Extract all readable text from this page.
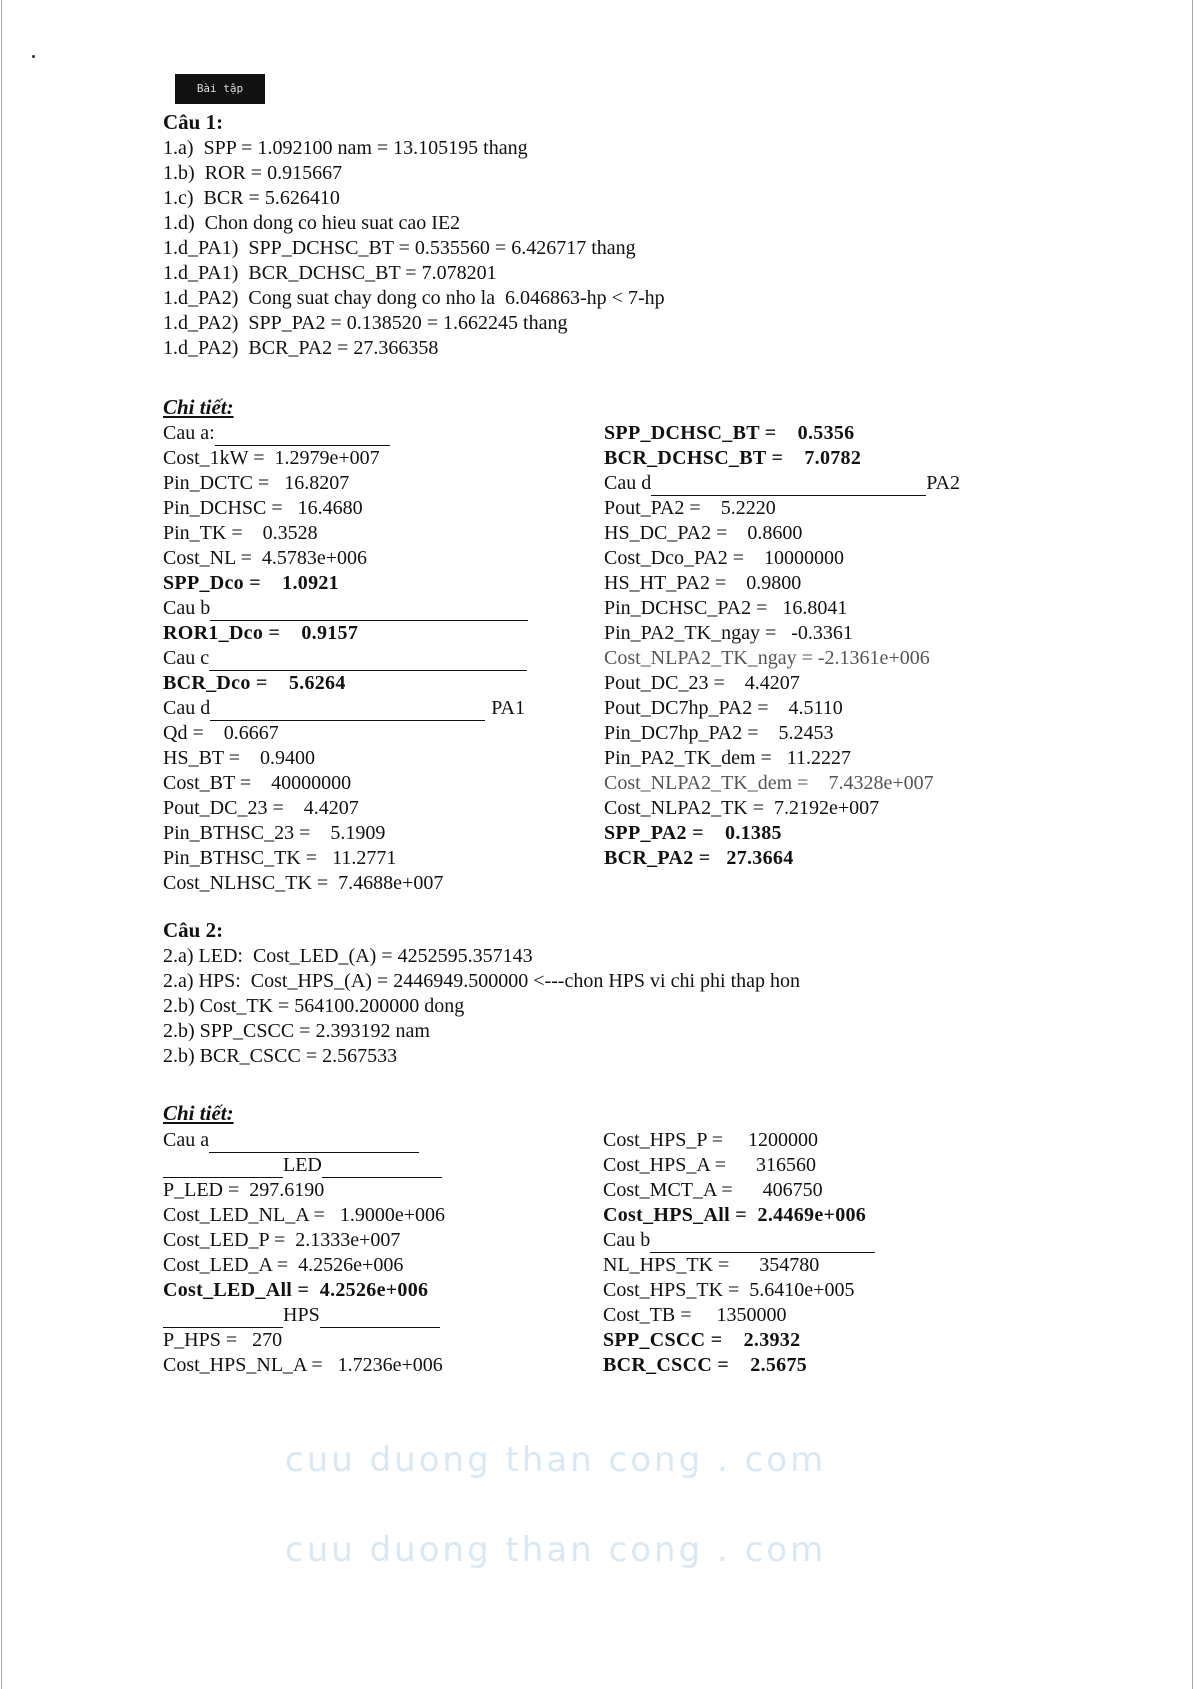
cuu duong than cong . com
cuu duong than cong . com
Bài tập
Câu 1:
1.a)  SPP = 1.092100 nam = 13.105195 thang
1.b)  ROR = 0.915667
1.c)  BCR = 5.626410
1.d)  Chon dong co hieu suat cao IE2
1.d_PA1)  SPP_DCHSC_BT = 0.535560 = 6.426717 thang
1.d_PA1)  BCR_DCHSC_BT = 7.078201
1.d_PA2)  Cong suat chay dong co nho la  6.046863-hp < 7-hp
1.d_PA2)  SPP_PA2 = 0.138520 = 1.662245 thang
1.d_PA2)  BCR_PA2 = 27.366358
Chi tiết:
Cau a:
Cost_1kW =  1.2979e+007
Pin_DCTC =   16.8207
Pin_DCHSC =   16.4680
Pin_TK =    0.3528
Cost_NL =  4.5783e+006
SPP_Dco =    1.0921
Cau b
ROR1_Dco =    0.9157
Cau c
BCR_Dco =    5.6264
Cau d	PA1
Qd =    0.6667
HS_BT =    0.9400
Cost_BT =    40000000
Pout_DC_23 =    4.4207
Pin_BTHSC_23 =    5.1909
Pin_BTHSC_TK =   11.2771
Cost_NLHSC_TK =  7.4688e+007
SPP_DCHSC_BT =    0.5356
BCR_DCHSC_BT =    7.0782
Cau d	PA2
Pout_PA2 =    5.2220
HS_DC_PA2 =    0.8600
Cost_Dco_PA2 =    10000000
HS_HT_PA2 =    0.9800
Pin_DCHSC_PA2 =   16.8041
Pin_PA2_TK_ngay =   -0.3361
Cost_NLPA2_TK_ngay = -2.1361e+006
Pout_DC_23 =    4.4207
Pout_DC7hp_PA2 =    4.5110
Pin_DC7hp_PA2 =    5.2453
Pin_PA2_TK_dem =   11.2227
Cost_NLPA2_TK_dem =    7.4328e+007
Cost_NLPA2_TK =  7.2192e+007
SPP_PA2 =    0.1385
BCR_PA2 =   27.3664
Câu 2:
2.a) LED:  Cost_LED_(A) = 4252595.357143
2.a) HPS:  Cost_HPS_(A) = 2446949.500000 <---chon HPS vi chi phi thap hon
2.b) Cost_TK = 564100.200000 dong
2.b) SPP_CSCC = 2.393192 nam
2.b) BCR_CSCC = 2.567533
Chi tiết:
Cau a
LED
P_LED =  297.6190
Cost_LED_NL_A =   1.9000e+006
Cost_LED_P =  2.1333e+007
Cost_LED_A =  4.2526e+006
Cost_LED_All =  4.2526e+006
HPS
P_HPS =   270
Cost_HPS_NL_A =   1.7236e+006
Cost_HPS_P =     1200000
Cost_HPS_A =      316560
Cost_MCT_A =      406750
Cost_HPS_All =  2.4469e+006
Cau b
NL_HPS_TK =      354780
Cost_HPS_TK =  5.6410e+005
Cost_TB =     1350000
SPP_CSCC =    2.3932
BCR_CSCC =    2.5675
